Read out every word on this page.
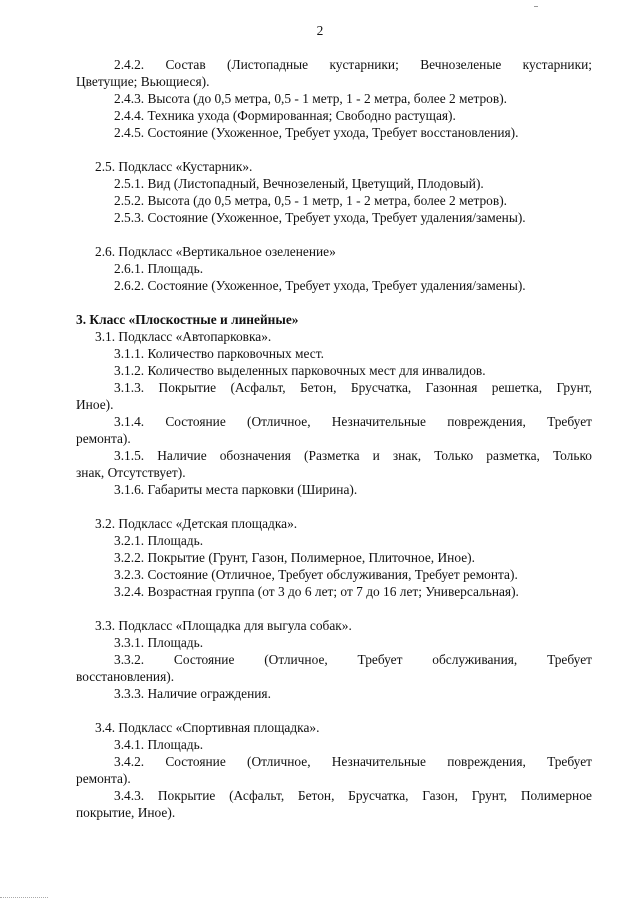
2

2.4.2. Состав (Листопадные кустарники; Вечнозеленые кустарники;

Цветущие; Вьющиеся).

2.4.3. Высота (до 0,5 метра, 0,5 - 1 метр, 1 - 2 метра, более 2 метров).

2.4.4. Техника ухода (Формированная; Свободно растущая).

2.4.5. Состояние (Ухоженное, Требует ухода, Требует восстановления).

2.5. Подкласс «Кустарник».

2.5.1. Вид (Листопадный, Вечнозеленый, Цветущий, Плодовый).

2.5.2. Высота (до 0,5 метра, 0,5 - 1 метр, 1 - 2 метра, более 2 метров).

2.5.3. Состояние (Ухоженное, Требует ухода, Требует удаления/замены).

2.6. Подкласс «Вертикальное озеленение»

2.6.1. Площадь.

2.6.2. Состояние (Ухоженное, Требует ухода, Требует удаления/замены).

3. Класс «Плоскостные и линейные»

3.1. Подкласс «Автопарковка».

3.1.1. Количество парковочных мест.

3.1.2. Количество выделенных парковочных мест для инвалидов.

3.1.3. Покрытие (Асфальт, Бетон, Брусчатка, Газонная решетка, Грунт,

Иное).

3.1.4. Состояние (Отличное, Незначительные повреждения, Требует

ремонта).

3.1.5. Наличие обозначения (Разметка и знак, Только разметка, Только

знак, Отсутствует).

3.1.6. Габариты места парковки (Ширина).

3.2. Подкласс «Детская площадка».

3.2.1. Площадь.

3.2.2. Покрытие (Грунт, Газон, Полимерное, Плиточное, Иное).

3.2.3. Состояние (Отличное, Требует обслуживания, Требует ремонта).

3.2.4. Возрастная группа (от 3 до 6 лет; от 7 до 16 лет; Универсальная).

3.3. Подкласс «Площадка для выгула собак».

3.3.1. Площадь.

3.3.2. Состояние (Отличное, Требует обслуживания, Требует

восстановления).

3.3.3. Наличие ограждения.

3.4. Подкласс «Спортивная площадка».

3.4.1. Площадь.

3.4.2. Состояние (Отличное, Незначительные повреждения, Требует

ремонта).

3.4.3. Покрытие (Асфальт, Бетон, Брусчатка, Газон, Грунт, Полимерное

покрытие, Иное).
